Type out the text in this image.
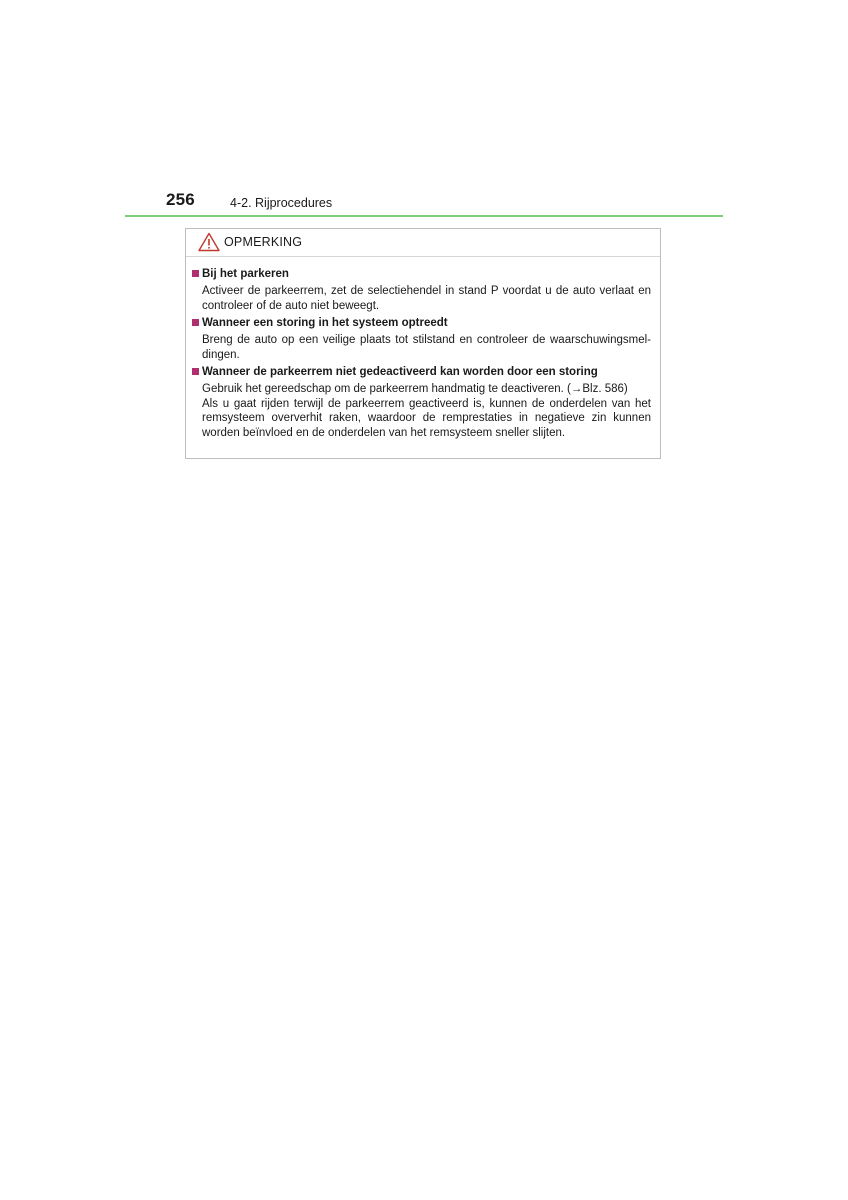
256	4-2. Rijprocedures
OPMERKING
Bij het parkeren

Activeer de parkeerrem, zet de selectiehendel in stand P voordat u de auto verlaat en controleer of de auto niet beweegt.

Wanneer een storing in het systeem optreedt

Breng de auto op een veilige plaats tot stilstand en controleer de waarschuwingsmeldingen.

Wanneer de parkeerrem niet gedeactiveerd kan worden door een storing

Gebruik het gereedschap om de parkeerrem handmatig te deactiveren. (→Blz. 586)

Als u gaat rijden terwijl de parkeerrem geactiveerd is, kunnen de onderdelen van het remsysteem oververhit raken, waardoor de remprestaties in negatieve zin kunnen worden beïnvloed en de onderdelen van het remsysteem sneller slijten.
